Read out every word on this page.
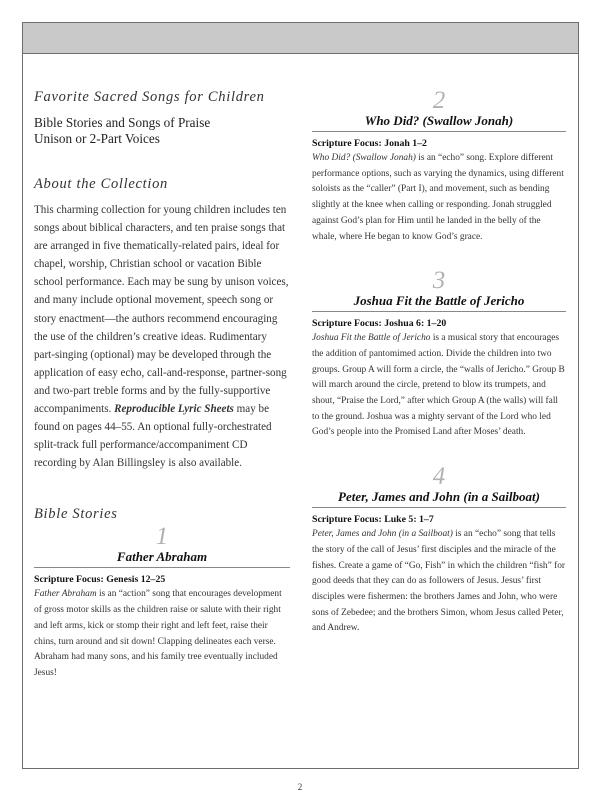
Favorite Sacred Songs for Children
Bible Stories and Songs of Praise
Unison or 2-Part Voices
About the Collection

This charming collection for young children includes ten songs about biblical characters, and ten praise songs that are arranged in five thematically-related pairs, ideal for chapel, worship, Christian school or vacation Bible school performance. Each may be sung by unison voices, and many include optional movement, speech song or story enactment—the authors recommend encouraging the use of the children’s creative ideas. Rudimentary part-singing (optional) may be developed through the application of easy echo, call-and-response, partner-song and two-part treble forms and by the fully-supportive accompaniments. Reproducible Lyric Sheets may be found on pages 44–55. An optional fully-orchestrated split-track full performance/accompaniment CD recording by Alan Billingsley is also available.

Bible Stories
1
Father Abraham
Scripture Focus: Genesis 12–25

Father Abraham is an “action” song that encourages development of gross motor skills as the children raise or salute with their right and left arms, kick or stomp their right and left feet, raise their chins, turn around and sit down! Clapping delineates each verse. Abraham had many sons, and his family tree eventually included Jesus!

2
Who Did? (Swallow Jonah)
Scripture Focus: Jonah 1–2

Who Did? (Swallow Jonah) is an “echo” song. Explore different performance options, such as varying the dynamics, using different soloists as the “caller” (Part I), and movement, such as bending slightly at the knee when calling or responding. Jonah struggled against God’s plan for Him until he landed in the belly of the whale, where He began to know God’s grace.

3
Joshua Fit the Battle of Jericho
Scripture Focus: Joshua 6: 1–20

Joshua Fit the Battle of Jericho is a musical story that encourages the addition of pantomimed action. Divide the children into two groups. Group A will form a circle, the “walls of Jericho.” Group B will march around the circle, pretend to blow its trumpets, and shout, “Praise the Lord,” after which Group A (the walls) will fall to the ground. Joshua was a mighty servant of the Lord who led God’s people into the Promised Land after Moses’ death.

4
Peter, James and John (in a Sailboat)
Scripture Focus: Luke 5: 1–7

Peter, James and John (in a Sailboat) is an “echo” song that tells the story of the call of Jesus’ first disciples and the miracle of the fishes. Create a game of “Go, Fish” in which the children “fish” for good deeds that they can do as followers of Jesus. Jesus’ first disciples were fishermen: the brothers James and John, who were sons of Zebedee; and the brothers Simon, whom Jesus called Peter, and Andrew.

2
